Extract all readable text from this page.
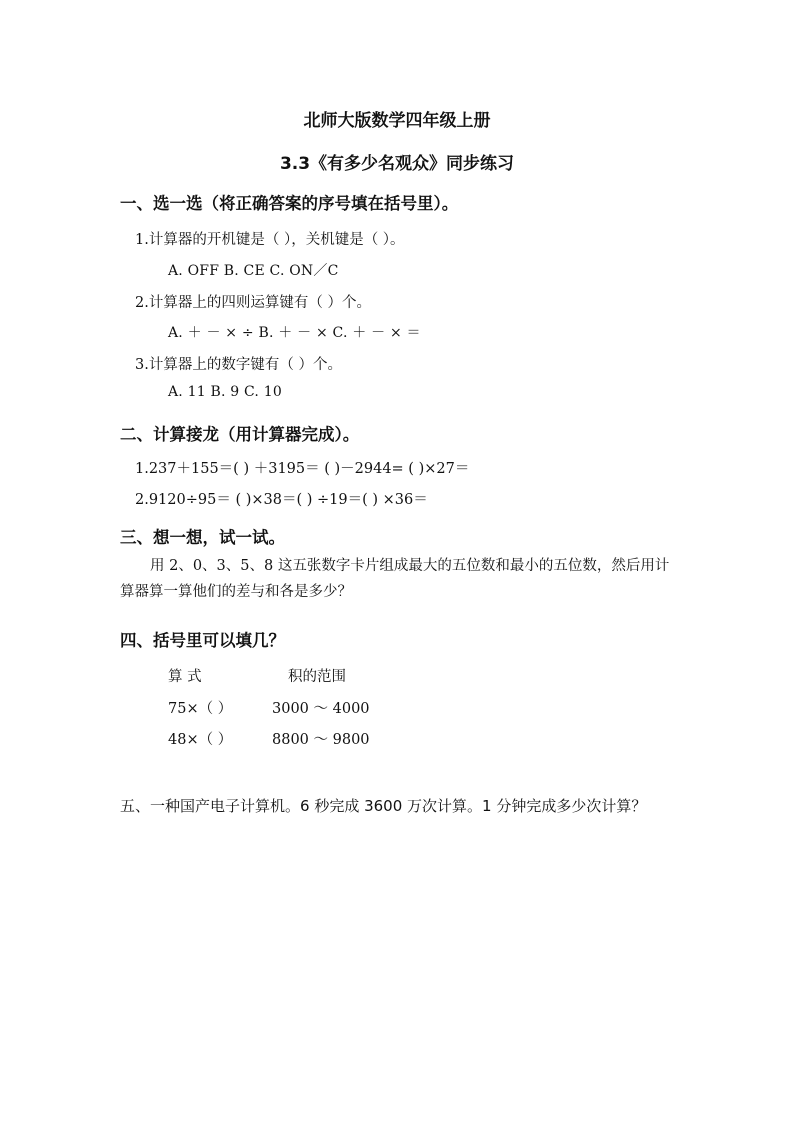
北师大版数学四年级上册
3.3《有多少名观众》同步练习
一、选一选（将正确答案的序号填在括号里）。
1.计算器的开机键是（ ），关机键是（ ）。
A. OFF B. CE C. ON／C
2.计算器上的四则运算键有（ ）个。
A. ＋ － × ÷ B. ＋ － × C. ＋ － × ＝
3.计算器上的数字键有（ ）个。
A. 11 B. 9 C. 10
二、计算接龙（用计算器完成）。
1.237＋155＝( ) ＋3195＝ ( )－2944= ( )×27＝
2.9120÷95＝ ( )×38＝( ) ÷19＝( ) ×36＝
三、想一想，试一试。
用 2、0、3、5、8 这五张数字卡片组成最大的五位数和最小的五位数，然后用计算器算一算他们的差与和各是多少？
四、括号里可以填几？
算 式	积的范围
75×（ ）	3000 ～ 4000
48×（ ）	8800 ～ 9800
五、一种国产电子计算机。6 秒完成 3600 万次计算。1 分钟完成多少次计算？
